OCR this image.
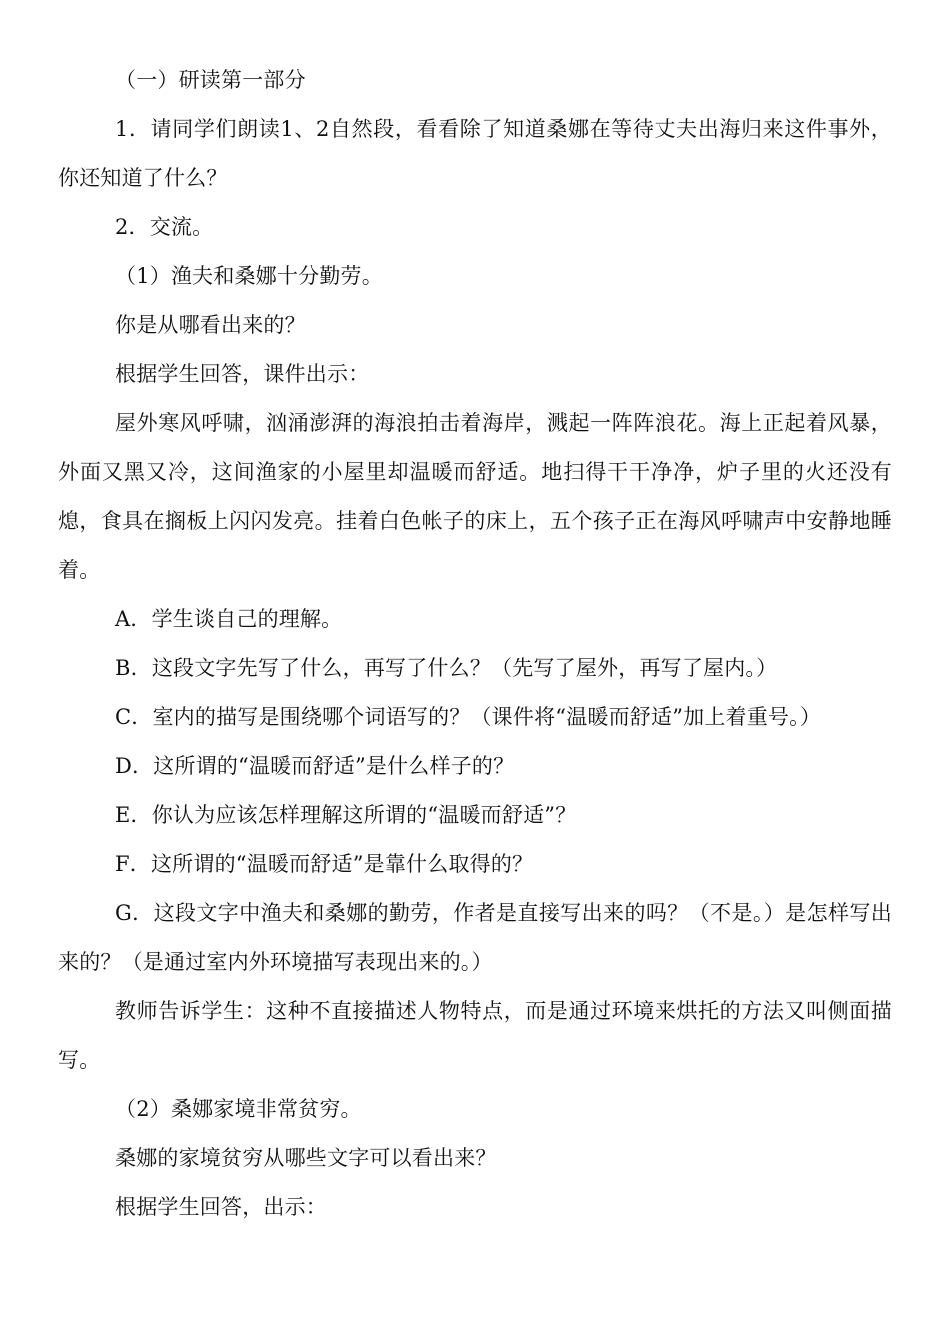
（一）研读第一部分

1．请同学们朗读1、2自然段，看看除了知道桑娜在等待丈夫出海归来这件事外，你还知道了什么？

2．交流。

（1）渔夫和桑娜十分勤劳。

你是从哪看出来的？

根据学生回答，课件出示：

屋外寒风呼啸，汹涌澎湃的海浪拍击着海岸，溅起一阵阵浪花。海上正起着风暴，外面又黑又冷，这间渔家的小屋里却温暖而舒适。地扫得干干净净，炉子里的火还没有熄，食具在搁板上闪闪发亮。挂着白色帐子的床上，五个孩子正在海风呼啸声中安静地睡着。

A．学生谈自己的理解。

B．这段文字先写了什么，再写了什么？（先写了屋外，再写了屋内。）

C．室内的描写是围绕哪个词语写的？（课件将“温暖而舒适”加上着重号。）

D．这所谓的“温暖而舒适”是什么样子的？

E．你认为应该怎样理解这所谓的“温暖而舒适”？

F．这所谓的“温暖而舒适”是靠什么取得的？

G．这段文字中渔夫和桑娜的勤劳，作者是直接写出来的吗？（不是。）是怎样写出来的？（是通过室内外环境描写表现出来的。）

教师告诉学生：这种不直接描述人物特点，而是通过环境来烘托的方法又叫侧面描写。

（2）桑娜家境非常贫穷。

桑娜的家境贫穷从哪些文字可以看出来？

根据学生回答，出示：
